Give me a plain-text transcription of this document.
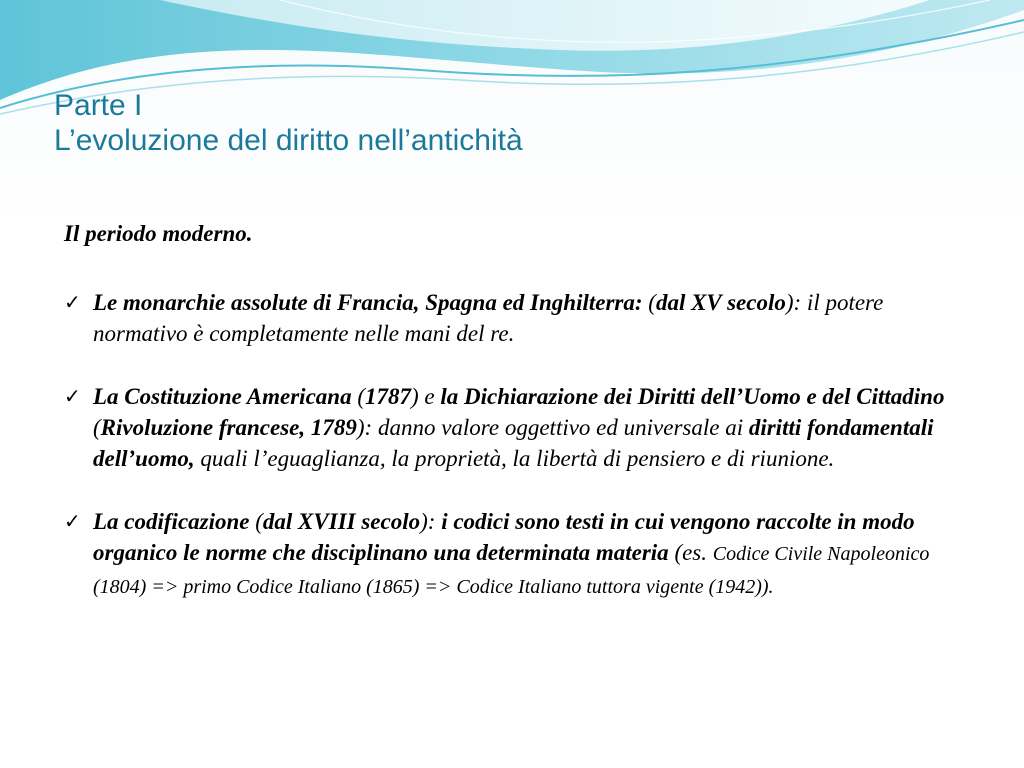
Parte I
L’evoluzione del diritto nell’antichità

Il periodo moderno.

✓ Le monarchie assolute di Francia, Spagna ed Inghilterra: (dal XV secolo): il potere normativo è completamente nelle mani del re.
✓ La Costituzione Americana (1787) e la Dichiarazione dei Diritti dell’Uomo e del Cittadino (Rivoluzione francese, 1789): danno valore oggettivo ed universale ai diritti fondamentali dell’uomo, quali l’eguaglianza, la proprietà, la libertà di pensiero e di riunione.
✓ La codificazione (dal XVIII secolo): i codici sono testi in cui vengono raccolte in modo organico le norme che disciplinano una determinata materia (es. Codice Civile Napoleonico (1804) => primo Codice Italiano (1865) => Codice Italiano tuttora vigente (1942)).
